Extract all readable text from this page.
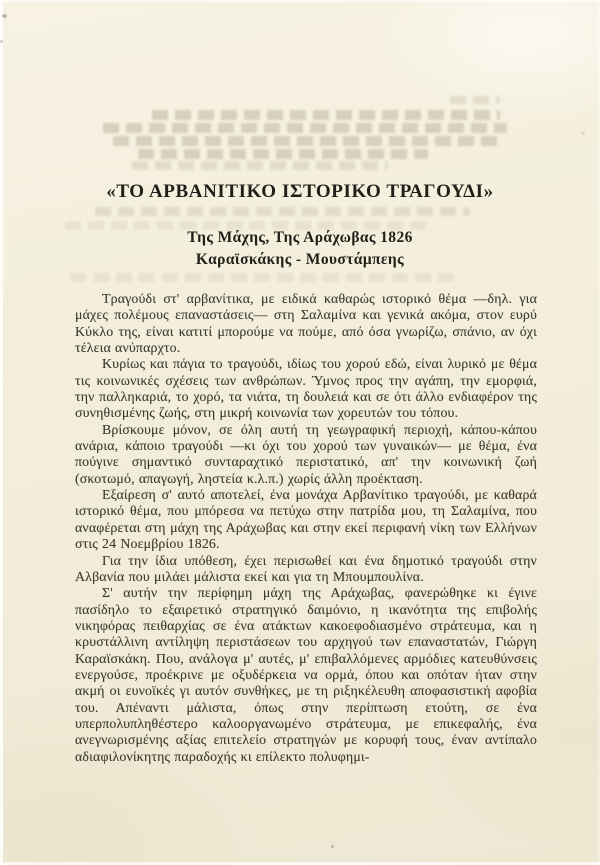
«ΤΟ ΑΡΒΑΝΙΤΙΚΟ ΙΣΤΟΡΙΚΟ ΤΡΑΓΟΥΔΙ»
Της Μάχης, Της Αράχωβας 1826
Καραϊσκάκης - Μουστάμπεης

Τραγούδι στ' αρβανίτικα, με ειδικά καθαρώς ιστορικό θέμα —δηλ. για μάχες πολέμους επαναστάσεις— στη Σαλαμίνα και γενικά ακόμα, στον ευρύ Κύκλο της, είναι κατιτί μπορούμε να πούμε, από όσα γνωρίζω, σπάνιο, αν όχι τέλεια ανύπαρχτο.

Κυρίως και πάγια το τραγούδι, ιδίως του χορού εδώ, είναι λυρικό με θέμα τις κοινωνικές σχέσεις των ανθρώπων. Ύμνος προς την αγάπη, την εμορφιά, την παλληκαριά, το χορό, τα νιάτα, τη δουλειά και σε ότι άλλο ενδιαφέρον της συνηθισμένης ζωής, στη μικρή κοινωνία των χορευτών του τόπου.

Βρίσκουμε μόνον, σε όλη αυτή τη γεωγραφική περιοχή, κάπου-κάπου ανάρια, κάποιο τραγούδι —κι όχι του χορού των γυναικών— με θέμα, ένα πούγινε σημαντικό συνταραχτικό περιστατικό, απ' την κοινωνική ζωή (σκοτωμό, απαγωγή, ληστεία κ.λ.π.) χωρίς άλλη προέκταση.

Εξαίρεση σ' αυτό αποτελεί, ένα μονάχα Αρβανίτικο τραγούδι, με καθαρά ιστορικό θέμα, που μπόρεσα να πετύχω στην πατρίδα μου, τη Σαλαμίνα, που αναφέρεται στη μάχη της Αράχωβας και στην εκεί περιφανή νίκη των Ελλήνων στις 24 Νοεμβρίου 1826.

Για την ίδια υπόθεση, έχει περισωθεί και ένα δημοτικό τραγούδι στην Αλβανία που μιλάει μάλιστα εκεί και για τη Μπουμπουλίνα.

Σ' αυτήν την περίφημη μάχη της Αράχωβας, φανερώθηκε κι έγινε πασίδηλο το εξαιρετικό στρατηγικό δαιμόνιο, η ικανότητα της επιβολής νικηφόρας πειθαρχίας σε ένα ατάκτων κακοεφοδιασμένο στράτευμα, και η κρυστάλλινη αντίληψη περιστάσεων του αρχηγού των επαναστατών, Γιώργη Καραϊσκάκη. Που, ανάλογα μ' αυτές, μ' επιβαλλόμενες αρμόδιες κατευθύνσεις ενεργούσε, προέκρινε με οξυδέρκεια να ορμά, όπου και οπόταν ήταν στην ακμή οι ευνοϊκές γι αυτόν συνθήκες, με τη ριξηκέλευθη αποφασιστική αφοβία του. Απέναντι μάλιστα, όπως στην περίπτωση ετούτη, σε ένα υπερπολυπληθέστερο καλοοργανωμένο στράτευμα, με επικεφαλής, ένα ανεγνωρισμένης αξίας επιτελείο στρατηγών με κορυφή τους, έναν αντίπαλο αδιαφιλονίκητης παραδοχής κι επίλεκτο πολυφημι-
